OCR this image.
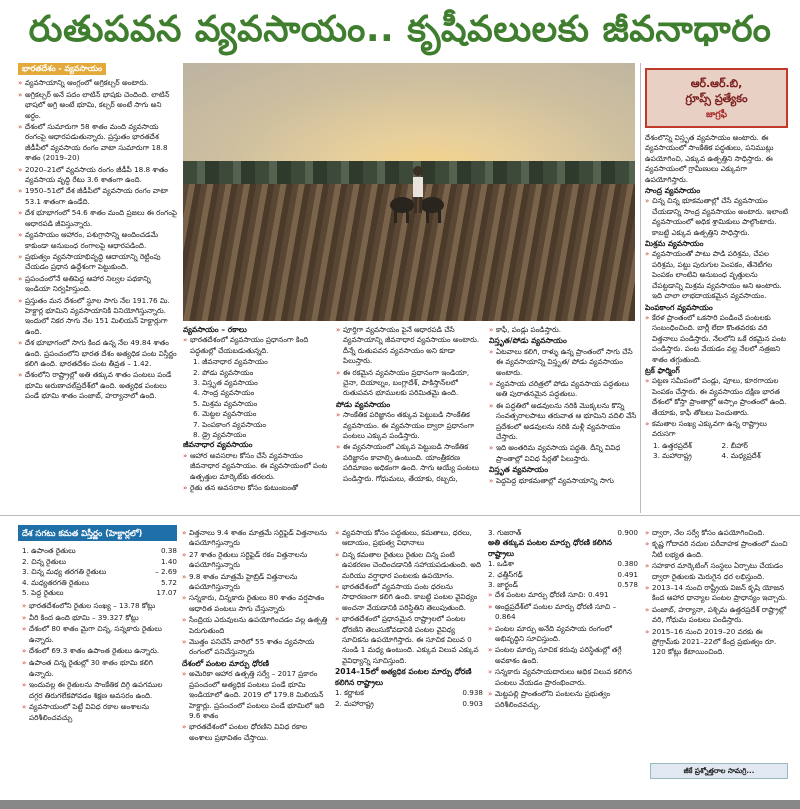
రుతుపవన వ్యవసాయం.. కృషీవలులకు జీవనాధారం
భారతదేశం - వ్యవసాయం
» వ్యవసాయాన్ని ఆంగ్లంలో అగ్రికల్చర్ అంటారు.
» అగ్రికల్చర్ అనే పదం లాటిన్ భాషకు చెందింది. లాటిన్ భాషలో అగ్రి అంటే భూమి, కల్చర్ అంటే సాగు అని అర్థం.
» దేశంలో సుమారుగా 58 శాతం మంది వ్యవసాయ రంగంపై ఆధారపడుతున్నారు. ప్రస్తుతం భారతదేశ జీడీపీలో వ్యవసాయ రంగం వాటా సుమారుగా 18.8 శాతం (2019–20)
» 2020–21లో వ్యవసాయ రంగం జీడీపీ 18.8 శాతం వ్యవసాయ వృద్ధి రేటు 3.6 శాతంగా ఉంది.
» 1950–51లో దేశ జీడీపీలో వ్యవసాయ రంగం వాటా 53.1 శాతంగా ఉండేది.
» దేశ భూభాగంలో 54.6 శాతం మంది ప్రజలు ఈ రంగంపై ఆధారపడి జీవిస్తున్నారు.
» వ్యవసాయం ఆహారం, పశుగ్రాసాన్ని అందించడమే కాకుండా అనుబంధ రంగాలపై ఆధారపడింది.
» ప్రభుత్వం వ్యవసాయాభివృద్ధి ఆదాయాన్ని రెట్టింపు చేయడం ప్రధాన ఉద్దేశంగా పెట్టుకుంది.
» ప్రపంచంలోనే అతిపెద్ద ఆహార నిల్వల పథకాన్ని ఇండియా నిర్వహిస్తుంది.
» ప్రస్తుతం మన దేశంలో స్థూల సాగు నేల 191.76 మి. హెక్టార్ల భూమిని వ్యవసాయానికి వినియోగిస్తున్నారు. ఇందులో నికర సాగు నేల 151 మిలియన్ హెక్టార్లుగా ఉంది.
» దేశ భూభాగంలో సాగు కింద ఉన్న నేల 49.84 శాతం ఉంది. ప్రపంచంలోని భారత దేశం అత్యధిక పంట విస్తీర్ణం కలిగి ఉంది. భారతదేశం పంట తీవ్రత – 1.42.
» దేశంలోని రాష్ట్రాల్లో అతి తక్కువ శాతం పంటలు పండే భూమి అరుణాచల్‌ప్రదేశ్‌లో ఉంది. అత్యధిక పంటలు పండే భూమి శాతం పంజాబ్, హర్యానాలో ఉంది.
ఆర్.ఆర్.బి,
గ్రూప్స్ ప్రత్యేకం
జాగ్రఫీ

దేశంలొన్ని విస్తృత వ్యవసాయం అంటారు. ఈ వ్యవసాయంలో సాంకేతిక పద్ధతులు, పనిముట్లు ఉపయోగించి, ఎక్కువ ఉత్పత్తిని సాధిస్తారు. ఈ వ్యవసాయంలో గ్రామీణులు ఎక్కువగా ఉపయోగిస్తారు.

సాంద్ర వ్యవసాయం
» చిన్న చిన్న భూకమతాల్లో చేసే వ్యవసాయం చేయడాన్ని సాంద్ర వ్యవసాయం అంటారు. ఇలాంటి వ్యవసాయంలో అధిక శ్రామికులు పాల్గొంటారు. కాబట్టి ఎక్కువ ఉత్పత్తిని సాధిస్తారు.
మిశ్రమ వ్యవసాయం
» వ్యవసాయంతో పాటు పాడి పరిశ్రమ, చేపల పరిశ్రమ, పట్టు పురుగుల పెంపకం, తేనెటీగల పెంపకం లాంటివి అనుబంధ వృత్తులను చేపట్టడాన్ని మిశ్రమ వ్యవసాయం అని అంటారు. ఇది చాలా లాభదాయకమైన వ్యవసాయం.
పెంపకాంగ వ్యవసాయం
» కేరళ ప్రాంతంలో ఒకసారి పండించే పంటలకు సంబంధించింది. బార్లీ లేదా కొంతవరకు వరి విత్తనాలు పండిస్తారు. నేలలోని ఒకే రకమైన పంట పండిస్తారు. పంట వేయడం వల్ల నేలలో నత్రజని శాతం తగ్గుతుంది.
ట్రక్ ఫార్మింగ్
» పట్టణ సమీపంలో పండ్లు, పూలు, కూరగాయల పెంపకం చేస్తారు. ఈ వ్యవసాయం దక్షిణ భారత దేశంలో కోస్తా ప్రాంతాల్లో అస్సాం ప్రాంతంలో ఉంది. తేయాకు, కాఫీ తోటలు పెంచుతారు.
» కమతాల సంఖ్య ఎక్కువగా ఉన్న రాష్ట్రాలు వరుసగా
1. ఉత్తరప్రదేశ్	2. బీహార్
3. మహారాష్ట్ర	4. మధ్యప్రదేశ్
వ్యవసాయం – రకాలు
» భారతదేశంలో వ్యవసాయం ప్రధానంగా కింది పద్ధతుల్లో చేయబడుతున్నది.
1. జీవనాధార వ్యవసాయం
2. పోడు వ్యవసాయం
3. విస్తృత వ్యవసాయం
4. సాంద్ర వ్యవసాయం
5. మిశ్రమ వ్యవసాయం
6. మెట్టల వ్యవసాయం
7. పెంపకాంగ వ్యవసాయం
8. డ్రై వ్యవసాయం
జీవనాధార వ్యవసాయం
» ఆహార అవసరాల కోసం చేసే వ్యవసాయం జీవనాధార వ్యవసాయం. ఈ వ్యవసాయంలో పంట ఉత్పత్తుల మార్కెట్‌కు తరలరు.
» రైతు తన అవసరాల కోసం కుటుంబంతో
» పూర్తిగా వ్యవసాయం పైనే ఆధారపడి చేసే వ్యవసాయాన్ని జీవనాధార వ్యవసాయం అంటారు. దీన్నే రుతుపవన వ్యవసాయం అని కూడా పిలుస్తారు.
» ఈ రకమైన వ్యవసాయం ప్రధానంగా ఇండియా, చైనా, దియాల్నం, బంగ్లాదేశ్, పాకిస్తాన్‌లలో రుతుపవన భూములకు పరిమితమై ఉంది.
పోడు వ్యవసాయం
» సాంకేతిక పరిజ్ఞానం తక్కువ పెట్టుబడి సాంకేతిక వ్యవసాయం. ఈ వ్యవసాయం ద్వారా ప్రధానంగా పంటలు ఎక్కువ పండిస్తారు.
» ఈ వ్యవసాయంలో ఎక్కువ పెట్టుబడి సాంకేతిక పరిజ్ఞానం కావాల్సి ఉంటుంది. యాంత్రీకరణ పరిమాణం అధికంగా ఉంది. సాగు అయ్యే పంటలు పండిస్తారు. గోధుమలు, తేయాకు, రబ్బరు,
» కాఫీ, పండ్లు పండిస్తారు.
విస్తృత/పోడు వ్యవసాయం
» ఏటవాలు కలిగి, రాళ్ళు ఉన్న ప్రాంతంలో సాగు చేసే ఈ వ్యవసాయాన్ని విస్తృత/ పోడు వ్యవసాయం అంటారు.
» వ్యవసాయ చరిత్రలో పోడు వ్యవసాయ పద్ధతులు అతి పురాతనమైన పద్ధతులు.
» ఈ పద్ధతిలో అడవులను నరికి మొక్కలను కొన్ని సంవత్సరాలపాటు తరువాత ఆ భూమిని వదిలి వేసే ప్రదేశంలో అడవులను నరికి మళ్లీ వ్యవసాయం చేస్తారు.
» ఇది అంతరిమ వ్యవసాయ పద్ధతి. దీన్ని వివిధ ప్రాంతాల్లో వివిధ పేర్లతో పిలుస్తారు.
విస్తృత వ్యవసాయం
» పెద్దపెద్ద భూకమతాల్లో వ్యవసాయాన్ని సాగు
దేశ సగటు కమత విస్తీర్ణం (హెక్టార్లలో)
1. ఉపాంత రైతులు	0.38
2. చిన్న రైతులు	1.40
3. చిన్న మధ్య తరగతి రైతులు	– 2.69
4. మధ్యతరగతి రైతులు	5.72
5. పెద్ద రైతులు	17.07
» భారతదేశంలోని రైతుల సంఖ్య – 13.78 కోట్లు
» వీరి కింద ఉంది భూమి – 39.327 కోట్లు
» దేశంలో 80 శాతం మైగా చిన్న, సన్నకారు రైతులు ఉన్నారు.
» దేశంలో 69.3 శాతం ఉపాంత రైతులు ఉన్నారు.
» ఉపాంత చిన్న రైతుల్లో 30 శాతం భూమి కలిగి ఉన్నారు.
» ఇందువల్ల ఈ రైతులను సాంకేతిక దిగ్గి ఉపగముల దగ్గర తిరుగలేకపోవడం శిక్షణ అవసరం ఉంది.
» వ్యవసాయంలో పెట్టే వివిధ రకాల అంశాలను పరిశీలించవచ్చు
» విత్తనాలు 9.4 శాతం మాత్రమే సర్టిఫైడ్ విత్తనాలను ఉపయోగిస్తున్నారు
» 27 శాతం రైతులు సర్టిఫైడ్ రకం విత్తనాలను ఉపయోగిస్తున్నారు
» 9.8 శాతం మాత్రమే హైబ్రిడ్ విత్తనాలను ఉపయోగిస్తున్నారు
» సన్నకారు, చిన్నకారు రైతులు 80 శాతం వర్షపాతం ఆధారిత పంటలు సాగు చేస్తున్నారు
» సేంద్రియ ఎరువులను ఉపయోగించడం వల్ల ఉత్పత్తి పెరుగుతుంది
» మొత్తం పనిచేసే వారిలో 55 శాతం వ్యవసాయ రంగంలో పనిచేస్తున్నారు
దేశంలో పంటల మార్పు ధోరణి
» అమెరికా ఆహార ఉత్పత్తి సర్వే – 2017 ప్రకారం ప్రపంచంలో అత్యధిక పంటలు పండే భూమి ఇండియాలో ఉంది. 2019 లో 179.8 మిలియన్ హెక్టార్లు. ప్రపంచంలో పంటలు పండే భూమిలో ఇది 9.6 శాతం
» భారతదేశంలో పంటల ధోరణిని వివిధ రకాల అంశాలు ప్రభావితం చేస్తాయి.
» వ్యవసాయ కోసం పద్ధతులు, కమతాలు, ధరలు, ఆదాయం, ప్రభుత్వ విధానాలు
» చిన్న కమతాల రైతులు రైతుల చిన్న పంటి ఉపకరణం చెందించడానికి సహాయపడుతుంది. అది మరియు వర్షాధార పంటలకు ఉపయోగం.
» భారతదేశంలో వ్యవసాయ పంట ధరలను సాధారణంగా కలిగి ఉంది. కాబట్టి పంటల వైవిధ్యం అంచనా వేయడానికి పరిస్థితిని తెలుపుతుంది.
» భారతదేశంలో ప్రధానమైన రాష్ట్రాలలో పంటల ధోరణిని తెలుసుకోవడానికి పంటల వైవిధ్య సూచికను ఉపయోగిస్తారు. ఈ సూచిక విలువ 0 నుండి 1 మధ్య ఉంటుంది. ఎక్కువ విలువ ఎక్కువ వైవిధ్యాన్ని సూచిస్తుంది.
2014–15లో అత్యధిక పంటల మార్పు ధోరణి కలిగిన రాష్ట్రాలు
1. కర్ణాటక	0.938
2. మహారాష్ట్ర	0.903
3. గుజరాత్	0.900
అతి తక్కువ పంటల మార్పు ధోరణి కలిగిన రాష్ట్రాలు
1. ఒడిశా	0.380
2. ఛత్తీస్‌గఢ్	0.491
3. జార్ఖండ్	0.578
» దేశ పంటల మార్పు ధోరణి సూచి: 0.491
» ఆంధ్రప్రదేశ్‌లో పంటల మార్పు ధోరణి సూచి – 0.864
» పంటల మార్పు అనేది వ్యవసాయ రంగంలో అభివృద్ధిని సూచిస్తుంది.
» పంటల మార్పు సూచిక కరువు పరిస్థితుల్లో తగ్గే అవకాశం ఉంది.
» సన్నకారు వ్యవసాయదారులు అధిక విలువ కలిగిన పంటలు వేయడం ప్రారంభించారు.
» మెట్టపల్లి ప్రాంతంలోని పంటలను ప్రభుత్వం పరిశీలించవచ్చు.
» ద్వారా, నేల సర్వే కోసం ఉపయోగించింది.
» కృష్ణ గోదావరి నదుల పరీవాహక ప్రాంతంలో మంచి నీటి లభ్యత ఉంది.
» సహకార మార్కెటింగ్ సంస్థలు ఏర్పాటు చేయడం ద్వారా రైతులకు మెరుగైన ధర లభిస్తుంది.
» 2013–14 నుంచి రాష్ట్రీయ విజన్ కృషి యోజన కింద ఆహార ధాన్యాల పంటల ప్రాధాన్యం ఇచ్చారు.
» పంజాబ్, హర్యానా, పశ్చిమ ఉత్తరప్రదేశ్ రాష్ట్రాల్లో వరి, గోధుమ పంటలు పండిస్తారు.
» 2015–16 నుంచి 2019–20 వరకు ఈ ప్రోగ్రామ్‌కు 2021–22లో కేంద్ర ప్రభుత్వం రూ. 120 కోట్లు కేటాయించింది.
జీకే ప్రశ్నోత్తరాల సామగ్రి...
